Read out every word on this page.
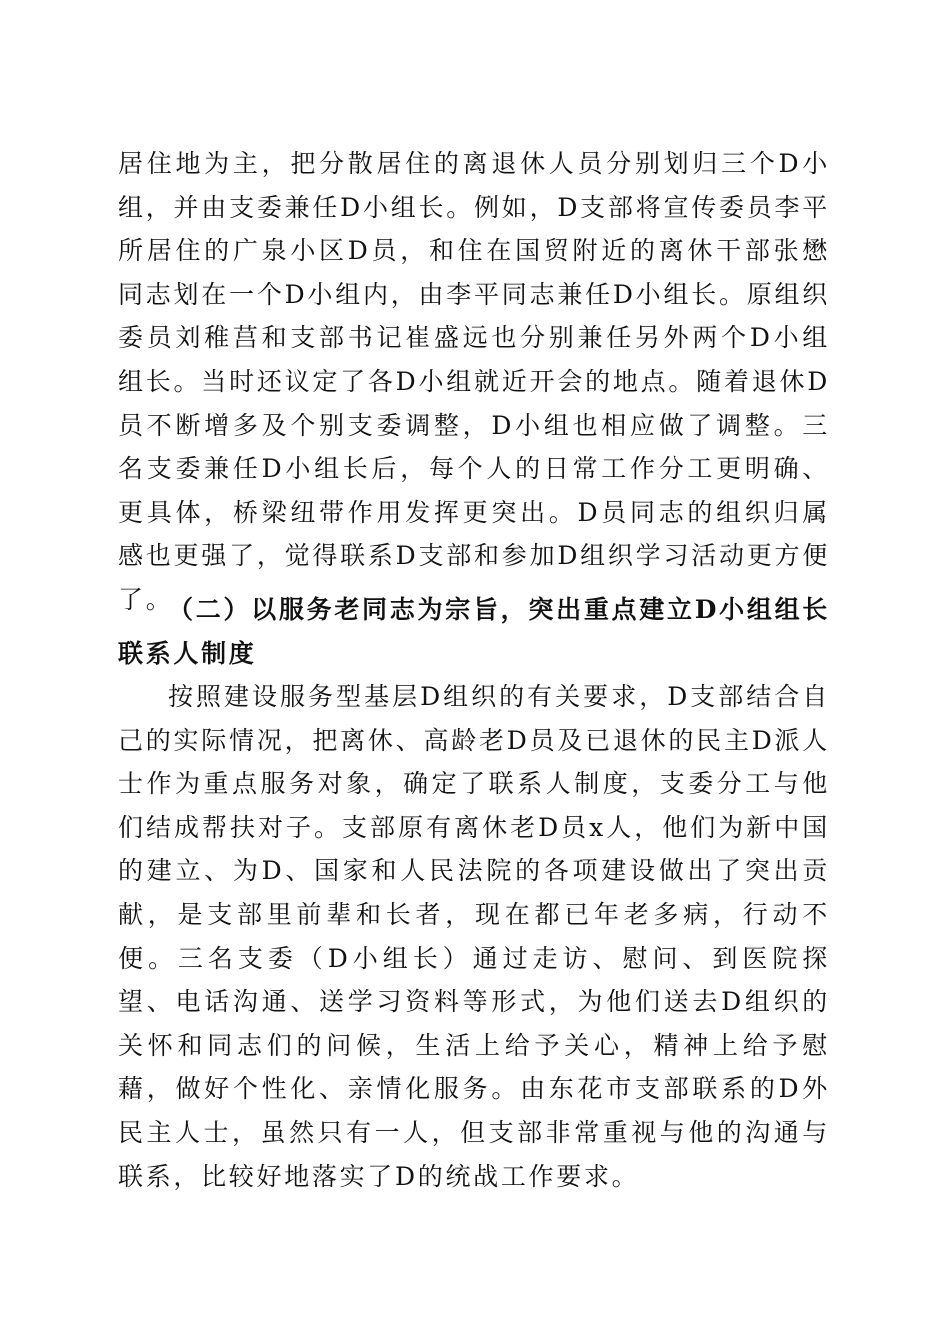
居住地为主，把分散居住的离退休人员分别划归三个D小组，并由支委兼任D小组长。例如，D支部将宣传委员李平所居住的广泉小区D员，和住在国贸附近的离休干部张懋同志划在一个D小组内，由李平同志兼任D小组长。原组织委员刘稚莒和支部书记崔盛远也分别兼任另外两个D小组组长。当时还议定了各D小组就近开会的地点。随着退休D员不断增多及个别支委调整，D小组也相应做了调整。三名支委兼任D小组长后，每个人的日常工作分工更明确、更具体，桥梁纽带作用发挥更突出。D员同志的组织归属感也更强了，觉得联系D支部和参加D组织学习活动更方便了。

（二）以服务老同志为宗旨，突出重点建立D小组组长联系人制度

按照建设服务型基层D组织的有关要求，D支部结合自己的实际情况，把离休、高龄老D员及已退休的民主D派人士作为重点服务对象，确定了联系人制度，支委分工与他们结成帮扶对子。支部原有离休老D员x人，他们为新中国的建立、为D、国家和人民法院的各项建设做出了突出贡献，是支部里前辈和长者，现在都已年老多病，行动不便。三名支委（D小组长）通过走访、慰问、到医院探望、电话沟通、送学习资料等形式，为他们送去D组织的关怀和同志们的问候，生活上给予关心，精神上给予慰藉，做好个性化、亲情化服务。由东花市支部联系的D外民主人士，虽然只有一人，但支部非常重视与他的沟通与联系，比较好地落实了D的统战工作要求。
